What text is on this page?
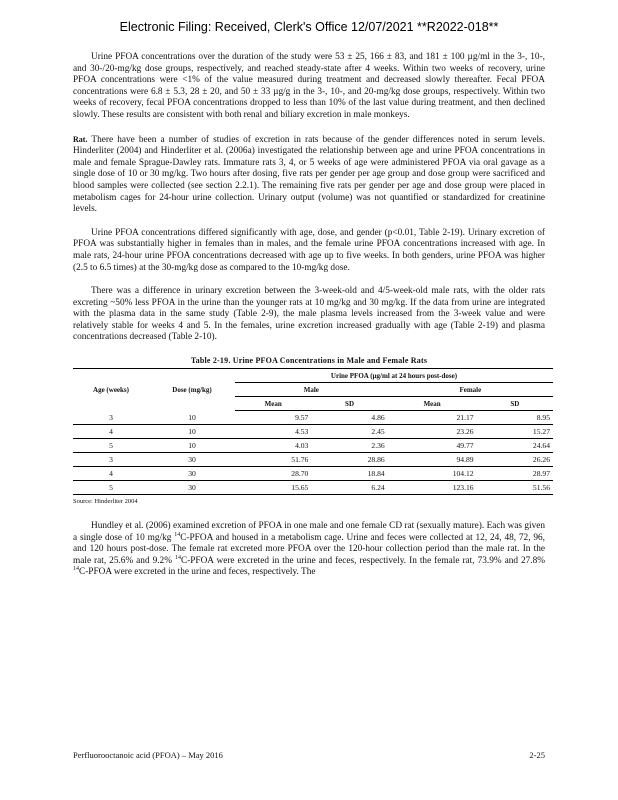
Electronic Filing: Received, Clerk's Office 12/07/2021 **R2022-018**

Urine PFOA concentrations over the duration of the study were 53 ± 25, 166 ± 83, and 181 ± 100 µg/ml in the 3-, 10-, and 30-/20-mg/kg dose groups, respectively, and reached steady-state after 4 weeks. Within two weeks of recovery, urine PFOA concentrations were <1% of the value measured during treatment and decreased slowly thereafter. Fecal PFOA concentrations were 6.8 ± 5.3, 28 ± 20, and 50 ± 33 µg/g in the 3-, 10-, and 20-mg/kg dose groups, respectively. Within two weeks of recovery, fecal PFOA concentrations dropped to less than 10% of the last value during treatment, and then declined slowly. These results are consistent with both renal and biliary excretion in male monkeys.

Rat. There have been a number of studies of excretion in rats because of the gender differences noted in serum levels. Hinderliter (2004) and Hinderliter et al. (2006a) investigated the relationship between age and urine PFOA concentrations in male and female Sprague-Dawley rats. Immature rats 3, 4, or 5 weeks of age were administered PFOA via oral gavage as a single dose of 10 or 30 mg/kg. Two hours after dosing, five rats per gender per age group and dose group were sacrificed and blood samples were collected (see section 2.2.1). The remaining five rats per gender per age and dose group were placed in metabolism cages for 24-hour urine collection. Urinary output (volume) was not quantified or standardized for creatinine levels.

Urine PFOA concentrations differed significantly with age, dose, and gender (p<0.01, Table 2-19). Urinary excretion of PFOA was substantially higher in females than in males, and the female urine PFOA concentrations increased with age. In male rats, 24-hour urine PFOA concentrations decreased with age up to five weeks. In both genders, urine PFOA was higher (2.5 to 6.5 times) at the 30-mg/kg dose as compared to the 10-mg/kg dose.

There was a difference in urinary excretion between the 3-week-old and 4/5-week-old male rats, with the older rats excreting ~50% less PFOA in the urine than the younger rats at 10 mg/kg and 30 mg/kg. If the data from urine are integrated with the plasma data in the same study (Table 2-9), the male plasma levels increased from the 3-week value and were relatively stable for weeks 4 and 5. In the females, urine excretion increased gradually with age (Table 2-19) and plasma concentrations decreased (Table 2-10).

Table 2-19. Urine PFOA Concentrations in Male and Female Rats
Age (weeks)	Dose (mg/kg)	Urine PFOA (µg/ml at 24 hours post-dose)			
		Male		Female	
		Mean	SD	Mean	SD
3	10	9.57	4.86	21.17	8.95
4	10	4.53	2.45	23.26	15.27
5	10	4.03	2.36	49.77	24.64
3	30	51.76	28.86	94.89	26.26
4	30	28.70	18.84	104.12	28.97
5	30	15.65	6.24	123.16	51.56
Source: Hinderliter 2004

Hundley et al. (2006) examined excretion of PFOA in one male and one female CD rat (sexually mature). Each was given a single dose of 10 mg/kg $^{14}$C-PFOA and housed in a metabolism cage. Urine and feces were collected at 12, 24, 48, 72, 96, and 120 hours post-dose. The female rat excreted more PFOA over the 120-hour collection period than the male rat. In the male rat, 25.6% and 9.2% $^{14}$C-PFOA were excreted in the urine and feces, respectively. In the female rat, 73.9% and 27.8% $^{14}$C-PFOA were excreted in the urine and feces, respectively. The

Perfluorooctanoic acid (PFOA) – May 2016	2-25
